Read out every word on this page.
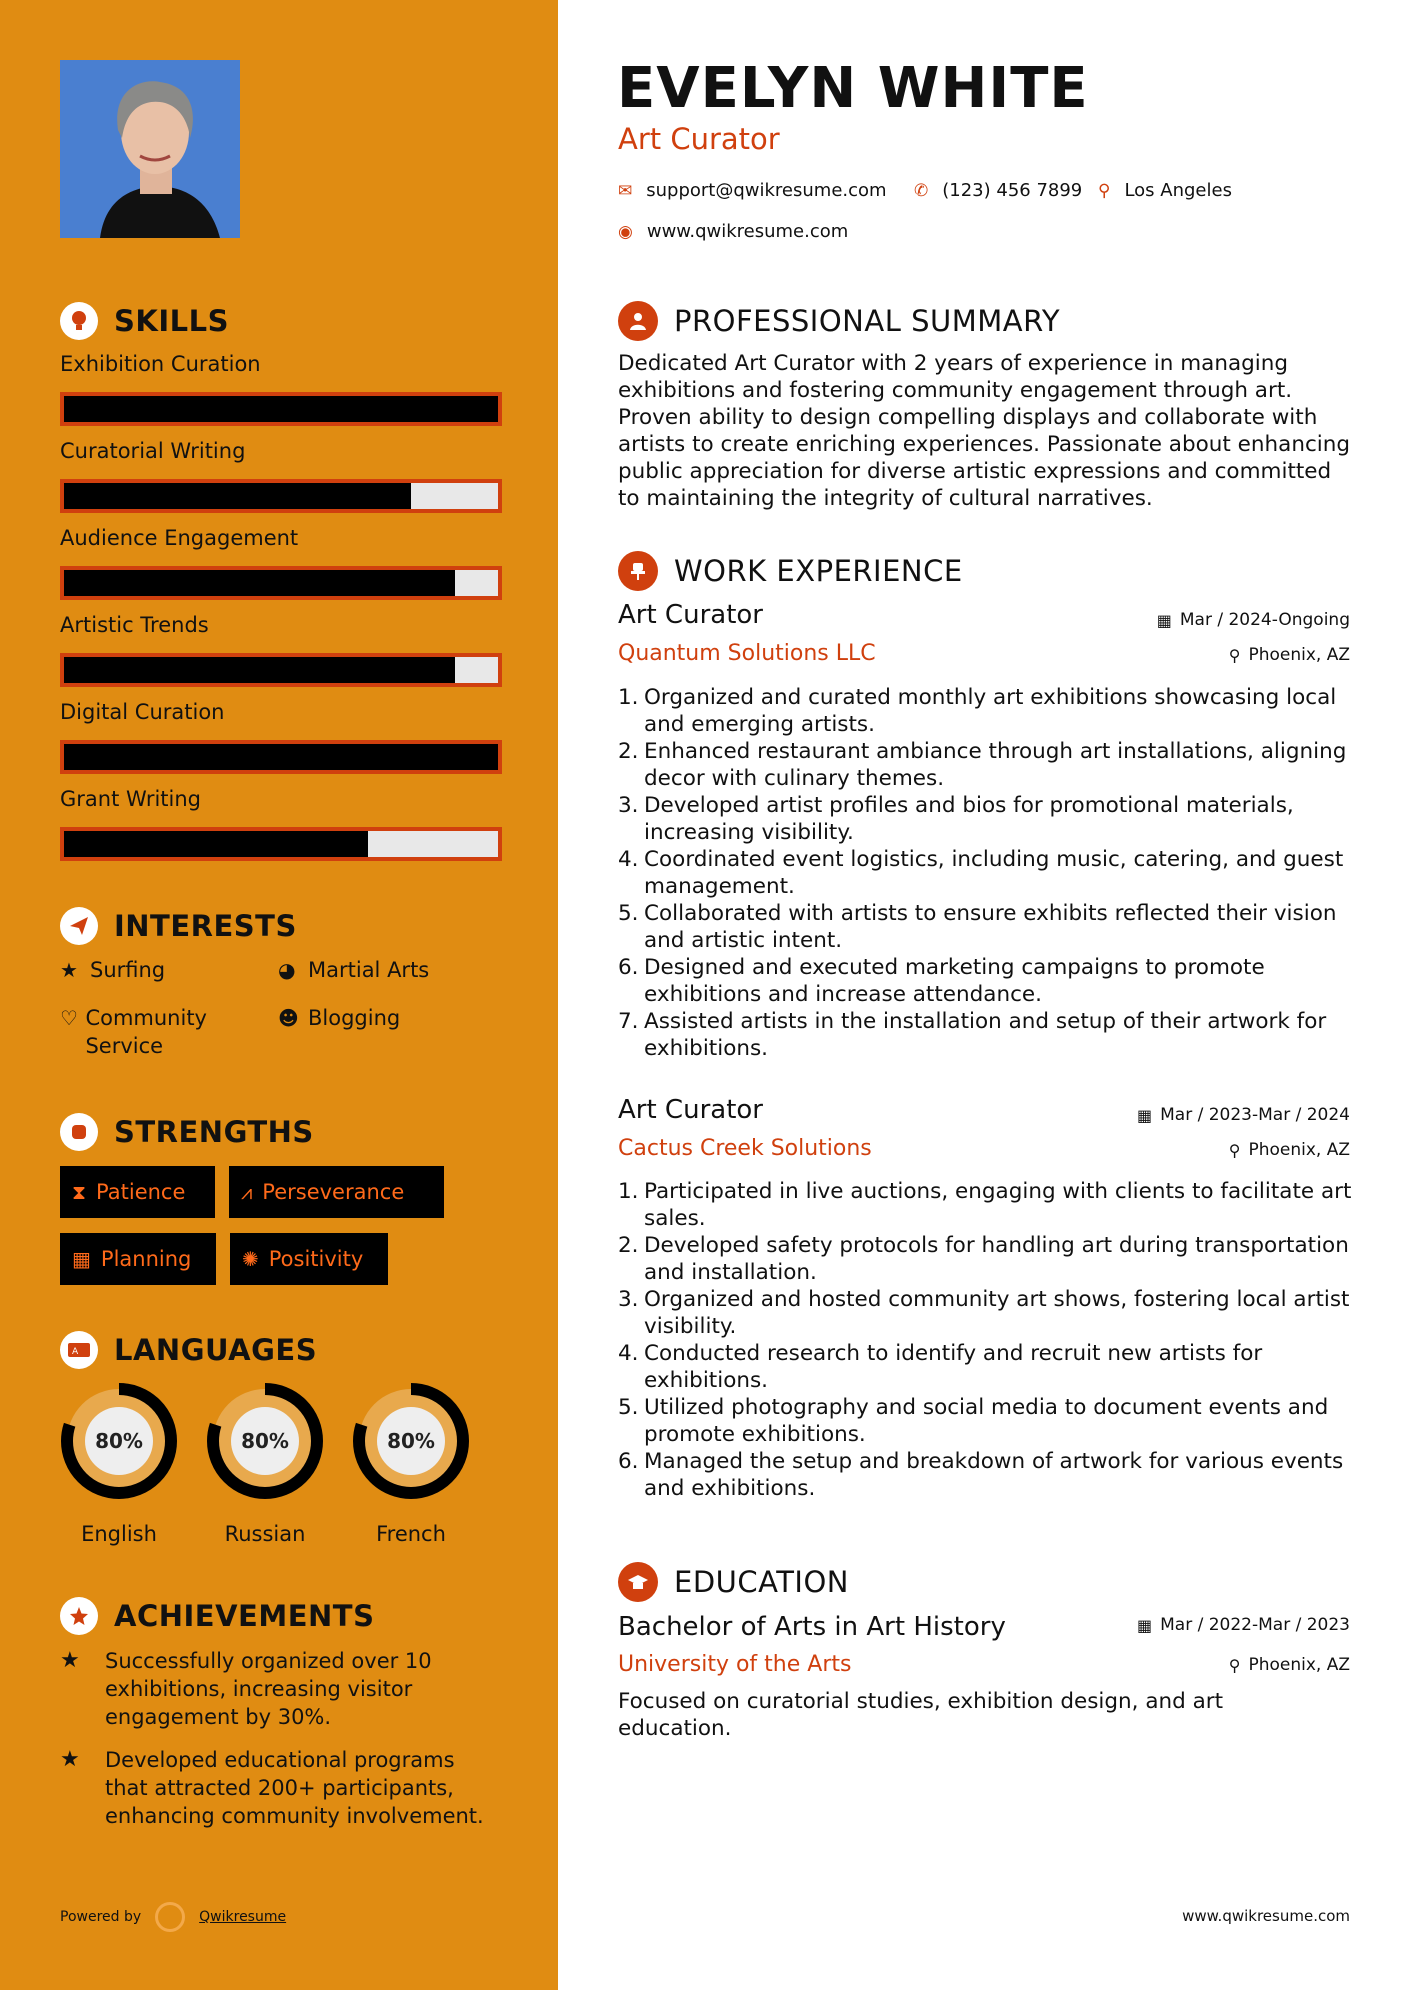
SKILLS
Exhibition Curation
Curatorial Writing
Audience Engagement
Artistic Trends
Digital Curation
Grant Writing
INTERESTS
★ Surfing	◕ Martial Arts
♡ Community Service
☻ Blogging
STRENGTHS
⧗ Patience	⩘ Perseverance
▦ Planning	✺ Positivity
A LANGUAGES
80%
English
80%
Russian
80%
French
ACHIEVEMENTS
★	Successfully organized over 10 exhibitions, increasing visitor engagement by 30%.
★	Developed educational programs that attracted 200+ participants, enhancing community involvement.
Powered by	Qwikresume
EVELYN WHITE
Art Curator
✉ support@qwikresume.com ✆ (123) 456 7899 ⚲ Los Angeles
◉ www.qwikresume.com
PROFESSIONAL SUMMARY
Dedicated Art Curator with 2 years of experience in managing exhibitions and fostering community engagement through art. Proven ability to design compelling displays and collaborate with artists to create enriching experiences. Passionate about enhancing public appreciation for diverse artistic expressions and committed to maintaining the integrity of cultural narratives.
WORK EXPERIENCE
Art Curator	▦ Mar / 2024-Ongoing
Quantum Solutions LLC	⚲ Phoenix, AZ
1. Organized and curated monthly art exhibitions showcasing local and emerging artists.
2. Enhanced restaurant ambiance through art installations, aligning decor with culinary themes.
3. Developed artist profiles and bios for promotional materials, increasing visibility.
4. Coordinated event logistics, including music, catering, and guest management.
5. Collaborated with artists to ensure exhibits reflected their vision and artistic intent.
6. Designed and executed marketing campaigns to promote exhibitions and increase attendance.
7. Assisted artists in the installation and setup of their artwork for exhibitions.
Art Curator	▦ Mar / 2023-Mar / 2024
Cactus Creek Solutions	⚲ Phoenix, AZ
1. Participated in live auctions, engaging with clients to facilitate art sales.
2. Developed safety protocols for handling art during transportation and installation.
3. Organized and hosted community art shows, fostering local artist visibility.
4. Conducted research to identify and recruit new artists for exhibitions.
5. Utilized photography and social media to document events and promote exhibitions.
6. Managed the setup and breakdown of artwork for various events and exhibitions.
EDUCATION
Bachelor of Arts in Art History	▦ Mar / 2022-Mar / 2023
University of the Arts	⚲ Phoenix, AZ
Focused on curatorial studies, exhibition design, and art education.
www.qwikresume.com
